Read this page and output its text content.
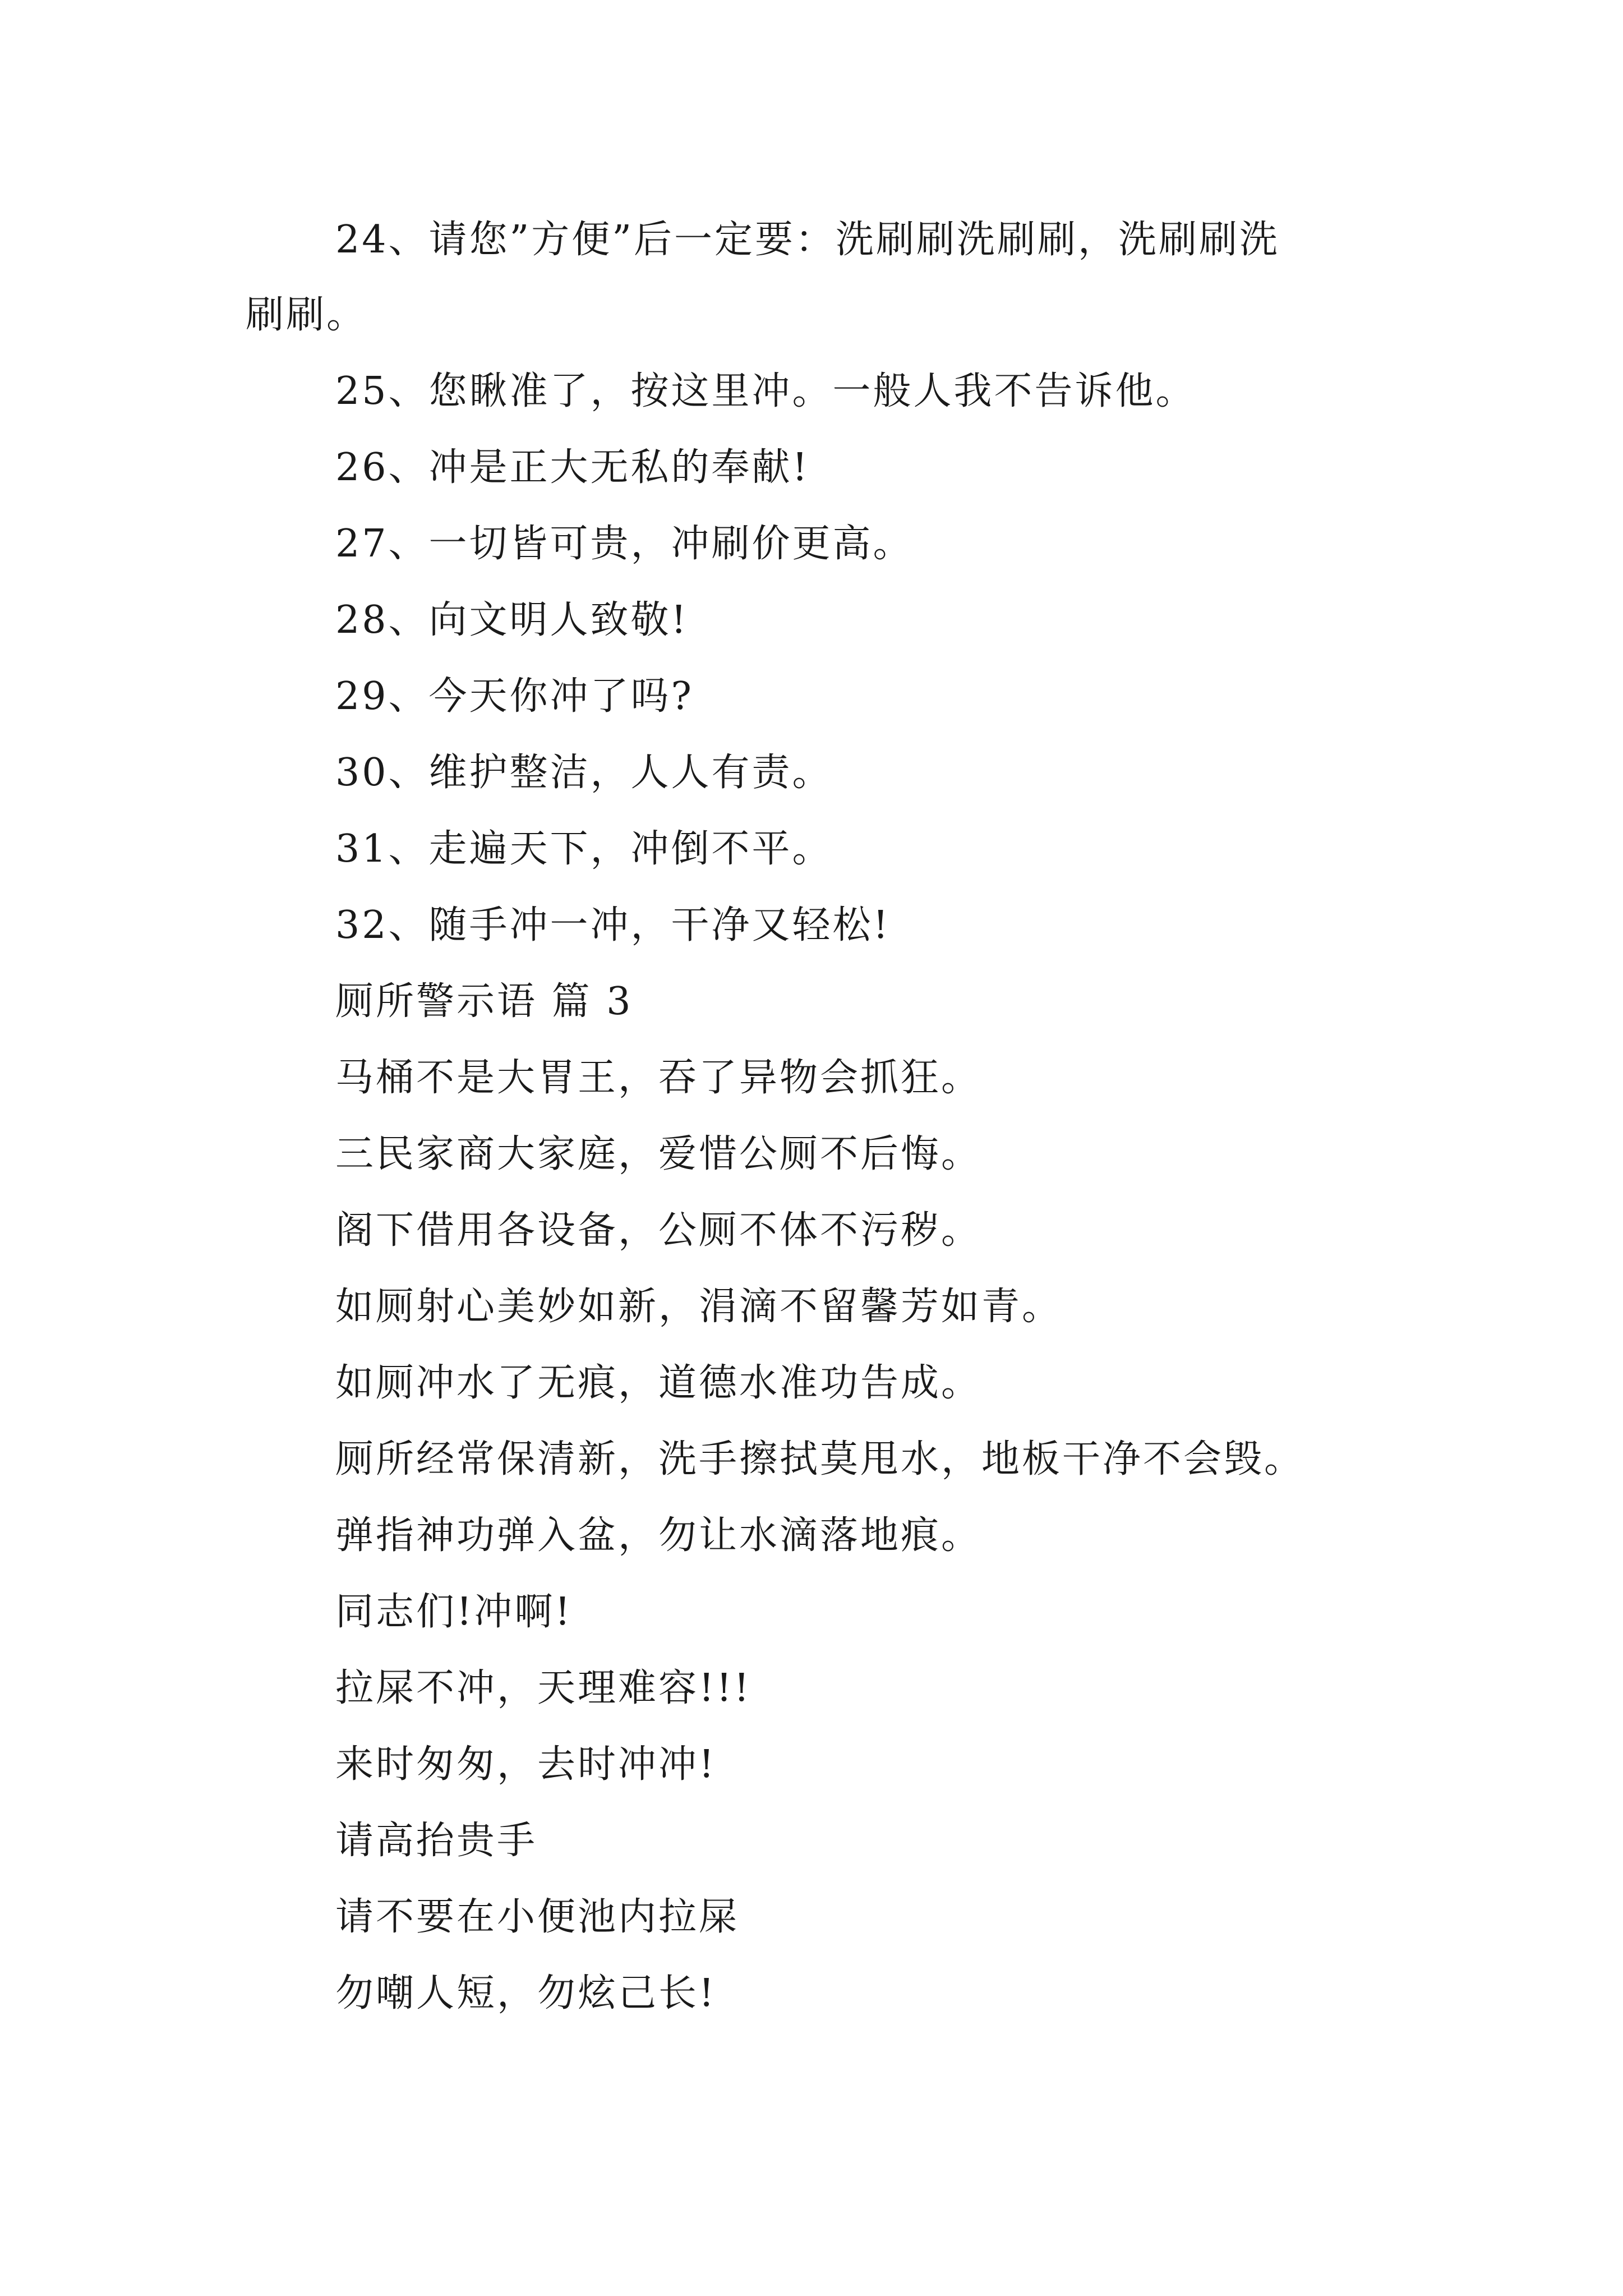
24、请您”方便”后一定要：洗刷刷洗刷刷，洗刷刷洗
刷刷。
25、您瞅准了，按这里冲。一般人我不告诉他。
26、冲是正大无私的奉献!
27、一切皆可贵，冲刷价更高。
28、向文明人致敬!
29、今天你冲了吗?
30、维护整洁，人人有责。
31、走遍天下，冲倒不平。
32、随手冲一冲，干净又轻松!
厕所警示语 篇 3
马桶不是大胃王，吞了异物会抓狂。
三民家商大家庭，爱惜公厕不后悔。
阁下借用各设备，公厕不体不污秽。
如厕射心美妙如新，涓滴不留馨芳如青。
如厕冲水了无痕，道德水准功告成。
厕所经常保清新，洗手擦拭莫甩水，地板干净不会毁。
弹指神功弹入盆，勿让水滴落地痕。
同志们!冲啊!
拉屎不冲，天理难容!!!
来时匆匆，去时冲冲!
请高抬贵手
请不要在小便池内拉屎
勿嘲人短，勿炫己长!
